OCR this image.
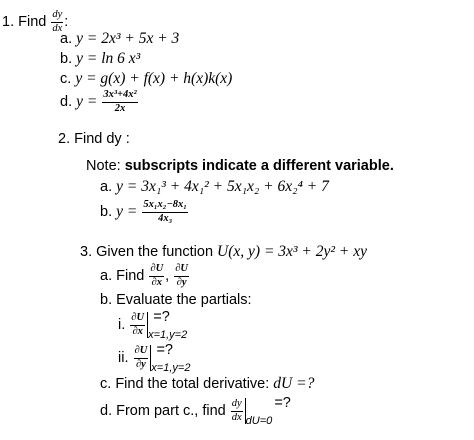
1. Find $\frac{dy}{dx}$ :
a. y = 2x³ + 5x + 3
b. y = ln 6 x³
c. y = g(x) + f(x) + h(x)k(x)
d. $y = \frac{\text{3x³+4x²}}{2x}$
2. Find dy :
Note: subscripts indicate a different variable.
a. y = 3x₁³ + 4x₁² + 5x₁x₂ + 6x₂⁴ + 7
b. $y = \frac{\text{5x₁x₂−8x₁}}{\text{4x₃}}$
3. Given the function U(x, y) = 3x³ + 2y² + xy
a. Find $\frac{\partial U}{\partial x}$ , $\frac{\partial U}{\partial y}$
b. Evaluate the partials:
i. $\frac{\partial U}{\partial x} _{x=1,y=2}$ =?
ii. $\frac{\partial U}{\partial y} _{x=1,y=2}$ =?
c. Find the total derivative: dU =?
d. From part c., find $\frac{dy}{dx} _{dU=0}$ =?
